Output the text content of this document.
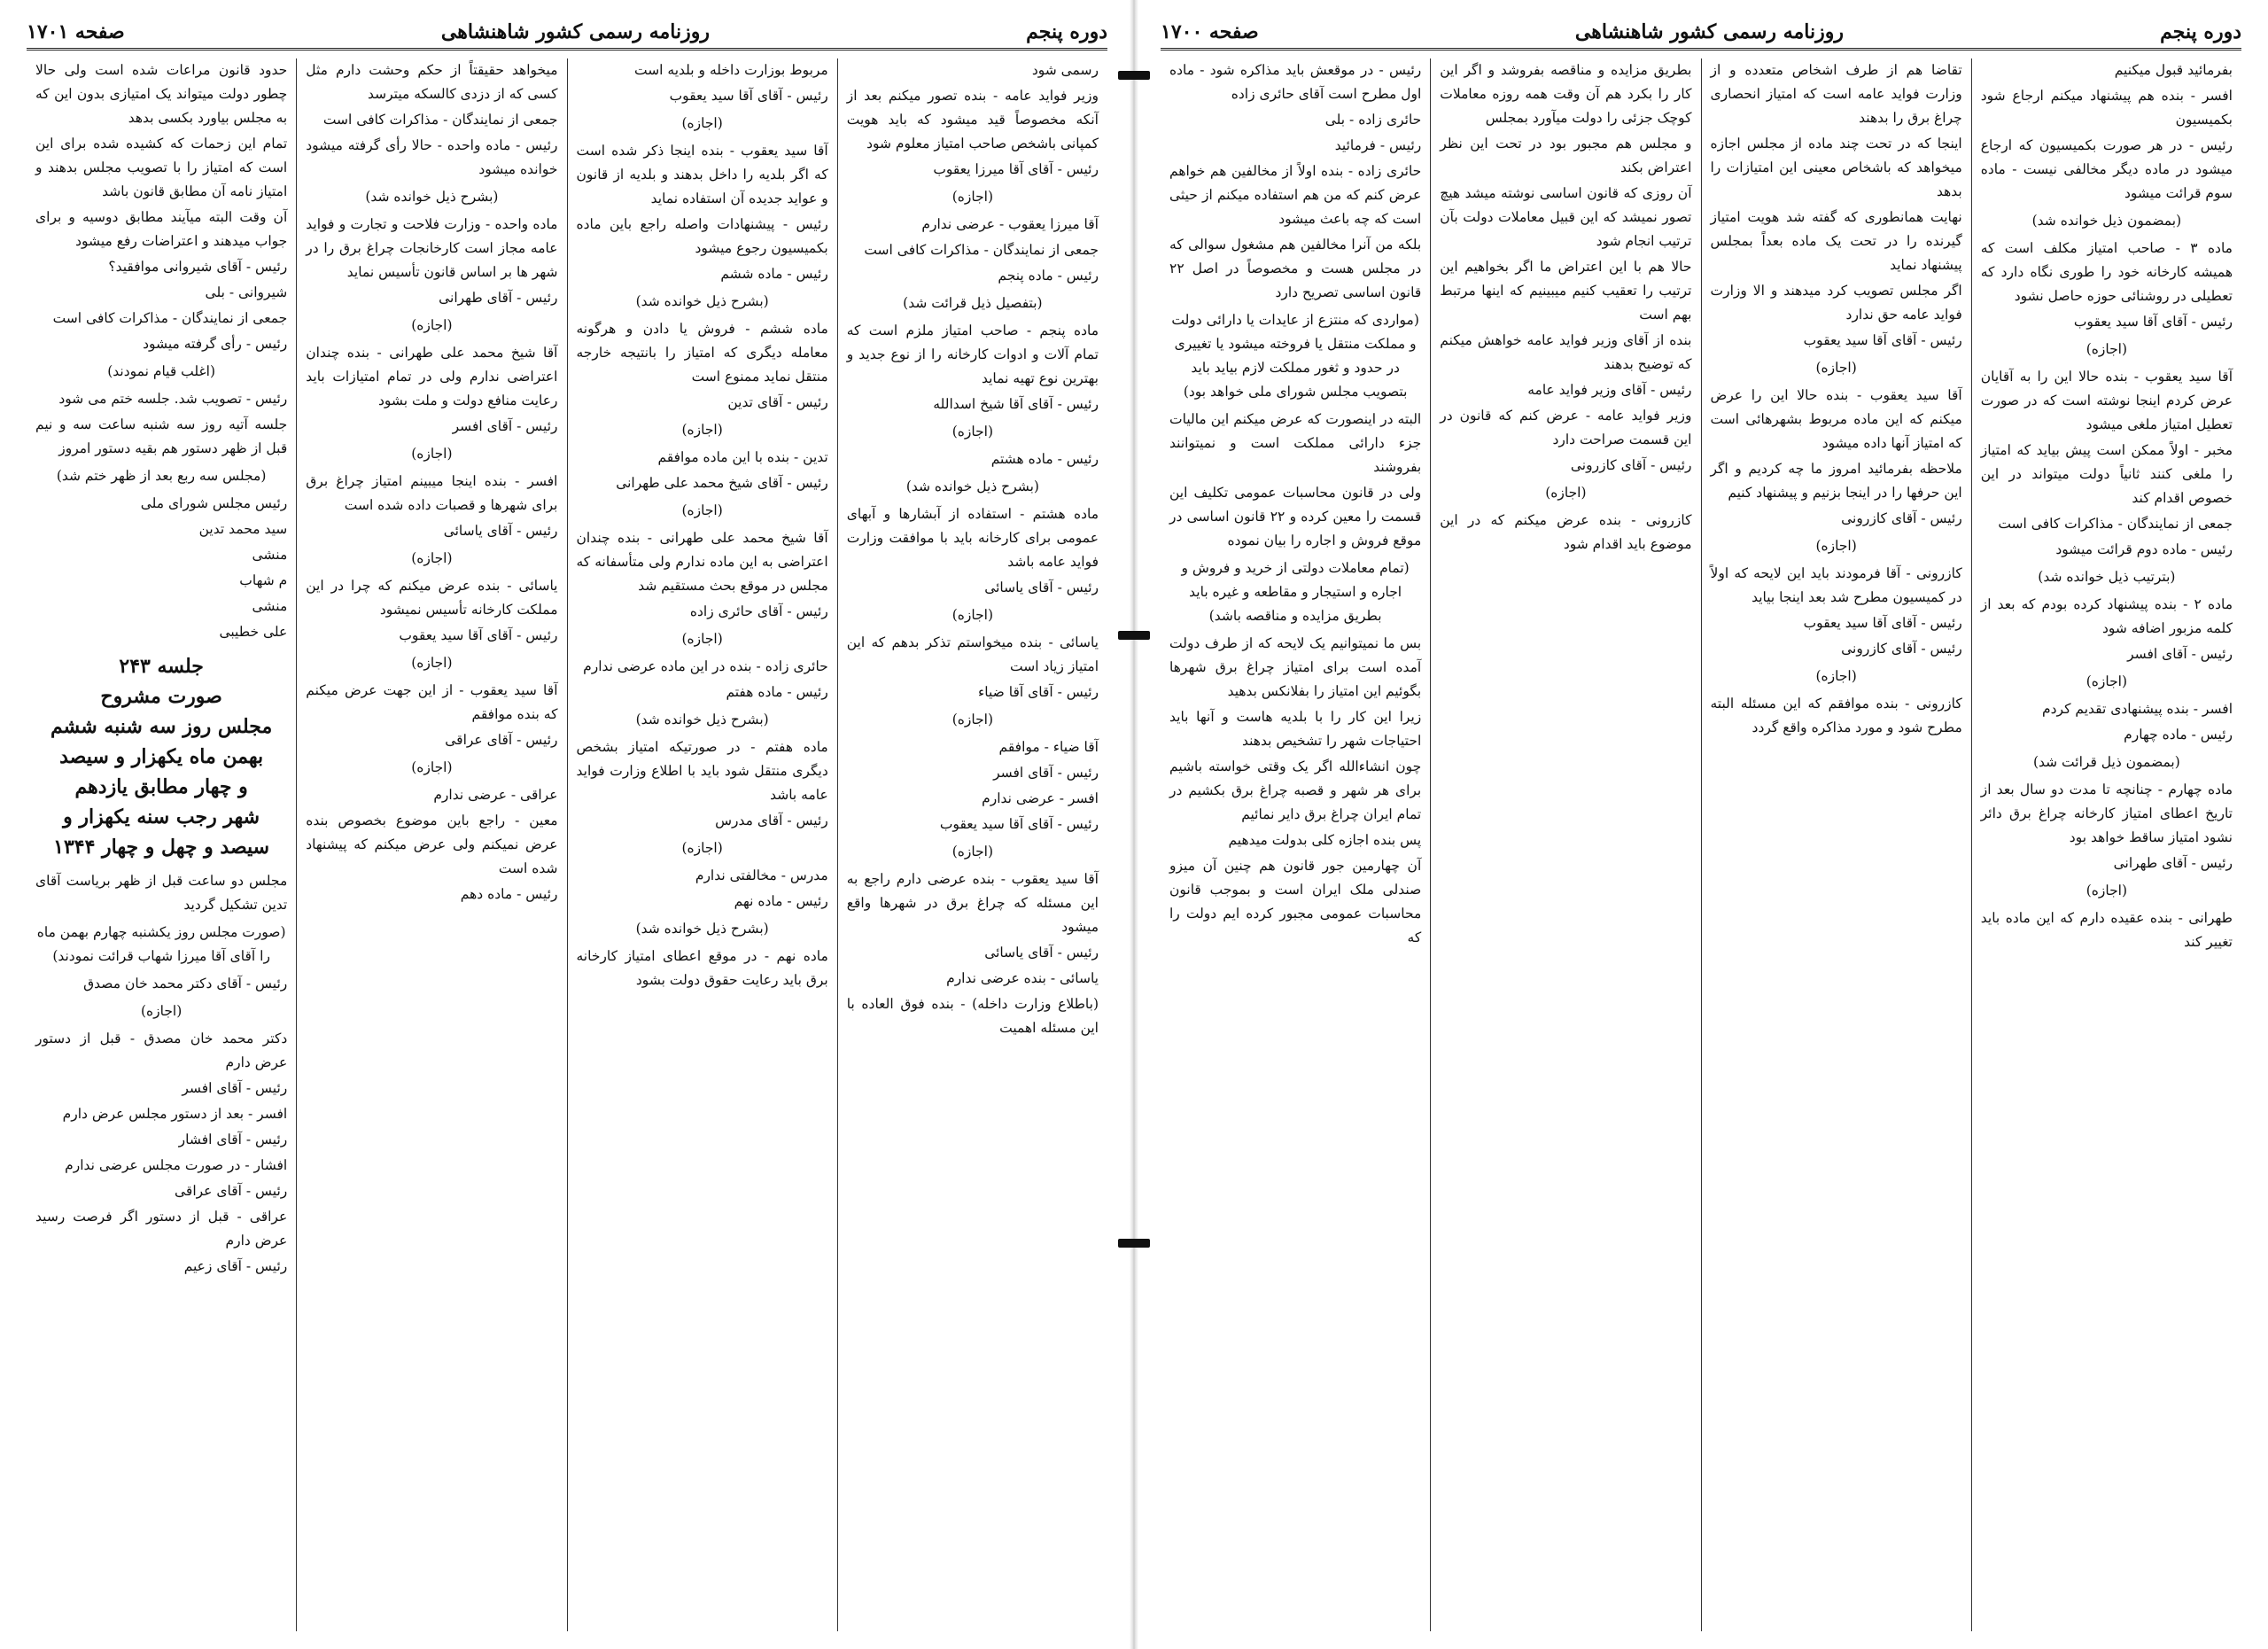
دوره پنجم
روزنامه رسمی کشور شاهنشاهی
صفحه ۱۷۰۱

رسمی شود

وزیر فواید عامه - بنده تصور میکنم بعد از آنکه مخصوصاً قید میشود که باید هویت کمپانی باشخص صاحب امتیاز معلوم شود

رئیس - آقای آقا میرزا یعقوب

(اجازه)

آقا میرزا یعقوب - عرضی ندارم

جمعی از نمایندگان - مذاکرات کافی است

رئیس - ماده پنجم

(بتفصیل ذیل قرائت شد)

ماده پنجم - صاحب امتیاز ملزم است که تمام آلات و ادوات کارخانه را از نوع جدید و بهترین نوع تهیه نماید

رئیس - آقای آقا شیخ اسدالله

(اجازه)

رئیس - ماده هشتم

(بشرح ذیل خوانده شد)

ماده هشتم - استفاده از آبشارها و آبهای عمومی برای کارخانه باید با موافقت وزارت فواید عامه باشد

رئیس - آقای یاسائی

(اجازه)

یاسائی - بنده میخواستم تذکر بدهم که این امتیاز زیاد است

رئیس - آقای آقا ضیاء

(اجازه)

آقا ضیاء - موافقم

رئیس - آقای افسر

افسر - عرضی ندارم

رئیس - آقای آقا سید یعقوب

(اجازه)

آقا سید یعقوب - بنده عرضی دارم راجع به این مسئله که چراغ برق در شهرها واقع میشود

رئیس - آقای یاسائی

یاسائی - بنده عرضی ندارم

(باطلاع وزارت داخله) - بنده فوق العاده با این مسئله اهمیت

مربوط بوزارت داخله و بلدیه است

رئیس - آقای آقا سید یعقوب

(اجازه)

آقا سید یعقوب - بنده اینجا ذکر شده است که اگر بلدیه را داخل بدهند و بلدیه از قانون و عواید جدیده آن استفاده نماید

رئیس - پیشنهادات واصله راجع باین ماده بکمیسیون رجوع میشود

رئیس - ماده ششم

(بشرح ذیل خوانده شد)

ماده ششم - فروش یا دادن و هرگونه معامله دیگری که امتیاز را بانتیجه خارجه منتقل نماید ممنوع است

رئیس - آقای تدین

(اجازه)

تدین - بنده با این ماده موافقم

رئیس - آقای شیخ محمد علی طهرانی

(اجازه)

آقا شیخ محمد علی طهرانی - بنده چندان اعتراضی به این ماده ندارم ولی متأسفانه که مجلس در موقع بحث مستقیم شد

رئیس - آقای حائری زاده

(اجازه)

حائری زاده - بنده در این ماده عرضی ندارم

رئیس - ماده هفتم

(بشرح ذیل خوانده شد)

ماده هفتم - در صورتیکه امتیاز بشخص دیگری منتقل شود باید با اطلاع وزارت فواید عامه باشد

رئیس - آقای مدرس

(اجازه)

مدرس - مخالفتی ندارم

رئیس - ماده نهم

(بشرح ذیل خوانده شد)

ماده نهم - در موقع اعطای امتیاز کارخانه برق باید رعایت حقوق دولت بشود

میخواهد حقیقتاً از حکم وحشت دارم مثل کسی که از دزدی کالسکه میترسد

جمعی از نمایندگان - مذاکرات کافی است

رئیس - ماده واحده - حالا رأی گرفته میشود خوانده میشود

(بشرح ذیل خوانده شد)

ماده واحده - وزارت فلاحت و تجارت و فواید عامه مجاز است کارخانجات چراغ برق را در شهر ها بر اساس قانون تأسیس نماید

رئیس - آقای طهرانی

(اجازه)

آقا شیخ محمد علی طهرانی - بنده چندان اعتراضی ندارم ولی در تمام امتیازات باید رعایت منافع دولت و ملت بشود

رئیس - آقای افسر

(اجازه)

افسر - بنده اینجا میبینم امتیاز چراغ برق برای شهرها و قصبات داده شده است

رئیس - آقای یاسائی

(اجازه)

یاسائی - بنده عرض میکنم که چرا در این مملکت کارخانه تأسیس نمیشود

رئیس - آقای آقا سید یعقوب

(اجازه)

آقا سید یعقوب - از این جهت عرض میکنم که بنده موافقم

رئیس - آقای عراقی

(اجازه)

عراقی - عرضی ندارم

معین - راجع باین موضوع بخصوص بنده عرض نمیکنم ولی عرض میکنم که پیشنهاد شده است

رئیس - ماده دهم

حدود قانون مراعات شده است ولی حالا چطور دولت میتواند یک امتیازی بدون این که به مجلس بیاورد بکسی بدهد

تمام این زحمات که کشیده شده برای این است که امتیاز را با تصویب مجلس بدهند و امتیاز نامه آن مطابق قانون باشد

آن وقت البته میآیند مطابق دوسیه و برای جواب میدهند و اعتراضات رفع میشود

رئیس - آقای شیروانی موافقید؟

شیروانی - بلی

جمعی از نمایندگان - مذاکرات کافی است

رئیس - رأی گرفته میشود

(اغلب قیام نمودند)

رئیس - تصویب شد. جلسه ختم می شود

جلسه آتیه روز سه شنبه ساعت سه و نیم قبل از ظهر دستور هم بقیه دستور امروز

(مجلس سه ربع بعد از ظهر ختم شد)

رئیس مجلس شورای ملی

سید محمد تدین

منشی

م شهاب

منشی

علی خطیبی

جلسه ۲۴۳
صورت مشروح
مجلس روز سه شنبه ششم
بهمن ماه یکهزار و سیصد
و چهار مطابق یازدهم
شهر رجب سنه یکهزار و
سیصد و چهل و چهار ۱۳۴۴

مجلس دو ساعت قبل از ظهر بریاست آقای تدین تشکیل گردید

(صورت مجلس روز یکشنبه چهارم بهمن ماه را آقای آقا میرزا شهاب قرائت نمودند)

رئیس - آقای دکتر محمد خان مصدق

(اجازه)

دکتر محمد خان مصدق - قبل از دستور عرض دارم

رئیس - آقای افسر

افسر - بعد از دستور مجلس عرض دارم

رئیس - آقای افشار

افشار - در صورت مجلس عرضی ندارم

رئیس - آقای عراقی

عراقی - قبل از دستور اگر فرصت رسید عرض دارم

رئیس - آقای زعیم

دوره پنجم
روزنامه رسمی کشور شاهنشاهی
صفحه ۱۷۰۰

بفرمائید قبول میکنیم

افسر - بنده هم پیشنهاد میکنم ارجاع شود بکمیسیون

رئیس - در هر صورت بکمیسیون که ارجاع میشود در ماده دیگر مخالفی نیست - ماده سوم قرائت میشود

(بمضمون ذیل خوانده شد)

ماده ۳ - صاحب امتیاز مکلف است که همیشه کارخانه خود را طوری نگاه دارد که تعطیلی در روشنائی حوزه حاصل نشود

رئیس - آقای آقا سید یعقوب

(اجازه)

آقا سید یعقوب - بنده حالا این را به آقایان عرض کردم اینجا نوشته است که در صورت تعطیل امتیاز ملغی میشود

مخبر - اولاً ممکن است پیش بیاید که امتیاز را ملغی کنند ثانیاً دولت میتواند در این خصوص اقدام کند

جمعی از نمایندگان - مذاکرات کافی است

رئیس - ماده دوم قرائت میشود

(بترتیب ذیل خوانده شد)

ماده ۲ - بنده پیشنهاد کرده بودم که بعد از کلمه مزبور اضافه شود

رئیس - آقای افسر

(اجازه)

افسر - بنده پیشنهادی تقدیم کردم

رئیس - ماده چهارم

(بمضمون ذیل قرائت شد)

ماده چهارم - چنانچه تا مدت دو سال بعد از تاریخ اعطای امتیاز کارخانه چراغ برق دائر نشود امتیاز ساقط خواهد بود

رئیس - آقای طهرانی

(اجازه)

طهرانی - بنده عقیده دارم که این ماده باید تغییر کند

تقاضا هم از طرف اشخاص متعدده و از وزارت فواید عامه است که امتیاز انحصاری چراغ برق را بدهند

اینجا که در تحت چند ماده از مجلس اجازه میخواهد که باشخاص معینی این امتیازات را بدهد

نهایت همانطوری که گفته شد هویت امتیاز گیرنده را در تحت یک ماده بعداً بمجلس پیشنهاد نماید

اگر مجلس تصویب کرد میدهند و الا وزارت فواید عامه حق ندارد

رئیس - آقای آقا سید یعقوب

(اجازه)

آقا سید یعقوب - بنده حالا این را عرض میکنم که این ماده مربوط بشهرهائی است که امتیاز آنها داده میشود

ملاحظه بفرمائید امروز ما چه کردیم و اگر این حرفها را در اینجا بزنیم و پیشنهاد کنیم

رئیس - آقای کازرونی

(اجازه)

کازرونی - آقا فرمودند باید این لایحه که اولاً در کمیسیون مطرح شد بعد اینجا بیاید

رئیس - آقای آقا سید یعقوب

رئیس - آقای کازرونی

(اجازه)

کازرونی - بنده موافقم که این مسئله البته مطرح شود و مورد مذاکره واقع گردد

بطریق مزایده و مناقصه بفروشد و اگر این کار را بکرد هم آن وقت همه روزه معاملات کوچک جزئی را دولت میآورد بمجلس

و مجلس هم مجبور بود در تحت این نظر اعتراض بکند

آن روزی که قانون اساسی نوشته میشد هیچ تصور نمیشد که این قبیل معاملات دولت بآن ترتیب انجام شود

حالا هم با این اعتراض ما اگر بخواهیم این ترتیب را تعقیب کنیم میبینیم که اینها مرتبط بهم است

بنده از آقای وزیر فواید عامه خواهش میکنم که توضیح بدهند

رئیس - آقای وزیر فواید عامه

وزیر فواید عامه - عرض کنم که قانون در این قسمت صراحت دارد

رئیس - آقای کازرونی

(اجازه)

کازرونی - بنده عرض میکنم که در این موضوع باید اقدام شود

رئیس - در موقعش باید مذاکره شود - ماده اول مطرح است آقای حائری زاده

حائری زاده - بلی

رئیس - فرمائید

حائری زاده - بنده اولاً از مخالفین هم خواهم عرض کنم که من هم استفاده میکنم از حیثی است که چه باعث میشود

بلکه من آنرا مخالفین هم مشغول سوالی که در مجلس هست و مخصوصاً در اصل ۲۲ قانون اساسی تصریح دارد

(مواردی که منتزع از عایدات یا دارائی دولت و مملکت منتقل یا فروخته میشود یا تغییری در حدود و ثغور مملکت لازم بیاید باید بتصویب مجلس شورای ملی خواهد بود)

البته در اینصورت که عرض میکنم این مالیات جزء دارائی مملکت است و نمیتوانند بفروشند

ولی در قانون محاسبات عمومی تکلیف این قسمت را معین کرده و ۲۲ قانون اساسی در موقع فروش و اجاره را بیان نموده

(تمام معاملات دولتی از خرید و فروش و اجاره و استیجار و مقاطعه و غیره باید بطریق مزایده و مناقصه باشد)

بس ما نمیتوانیم یک لایحه که از طرف دولت آمده است برای امتیاز چراغ برق شهرها بگوئیم این امتیاز را بفلانکس بدهید

زیرا این کار را با بلدیه هاست و آنها باید احتیاجات شهر را تشخیص بدهند

چون انشاءالله اگر یک وقتی خواسته باشیم برای هر شهر و قصبه چراغ برق بکشیم در تمام ایران چراغ برق دایر نمائیم

پس بنده اجازه کلی بدولت میدهیم

آن چهارمین جور قانون هم چنین آن میزو صندلی ملک ایران است و بموجب قانون محاسبات عمومی مجبور کرده ایم دولت را که
